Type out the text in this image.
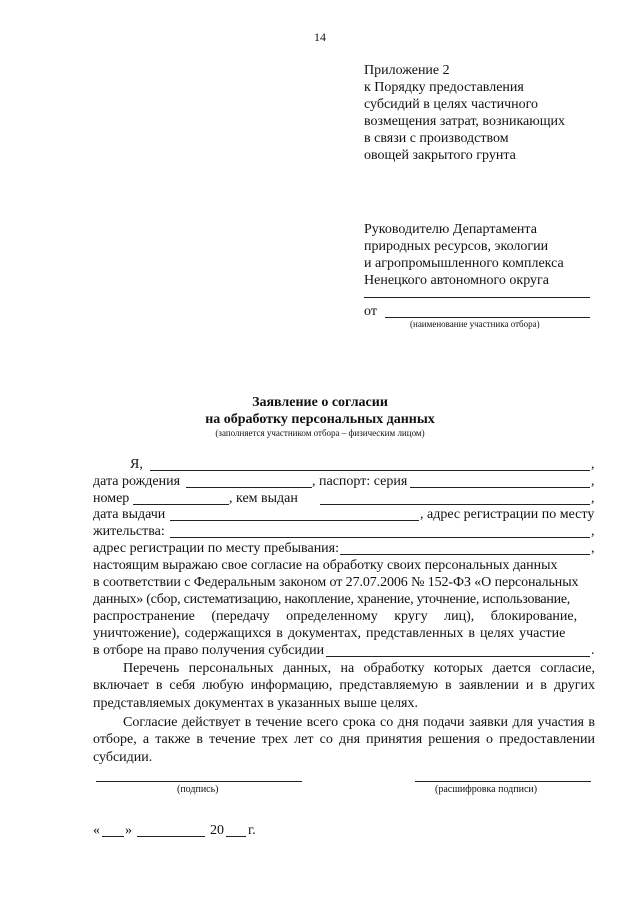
14
Приложение 2
к Порядку предоставления
субсидий в целях частичного
возмещения затрат, возникающих
в связи с производством
овощей закрытого грунта
Руководителю Департамента
природных ресурсов, экологии
и агропромышленного комплекса
Ненецкого автономного округа
от
(наименование участника отбора)
Заявление о согласии
на обработку персональных данных
(заполняется участником отбора – физическим лицом)
Я,	,
дата рождения	, паспорт: серия	,
номер	, кем выдан	,
дата выдачи	, адрес регистрации по месту
жительства:	,
адрес регистрации по месту пребывания:	,
настоящим выражаю свое согласие на обработку своих персональных данных
в соответствии с Федеральным законом от 27.07.2006 № 152-ФЗ «О персональных
данных» (сбор, систематизацию, накопление, хранение, уточнение, использование,
распространение (передачу определенному кругу лиц), блокирование,
уничтожение), содержащихся в документах, представленных в целях участие
в отборе на право получения субсидии	.
Перечень персональных данных, на обработку которых дается согласие, включает в себя любую информацию, представляемую в заявлении и в других представляемых документах в указанных выше целях.
Согласие действует в течение всего срока со дня подачи заявки для участия в отборе, а также в течение трех лет со дня принятия решения о предоставлении субсидии.
(подпись)	(расшифровка подписи)
« »	20 г.
